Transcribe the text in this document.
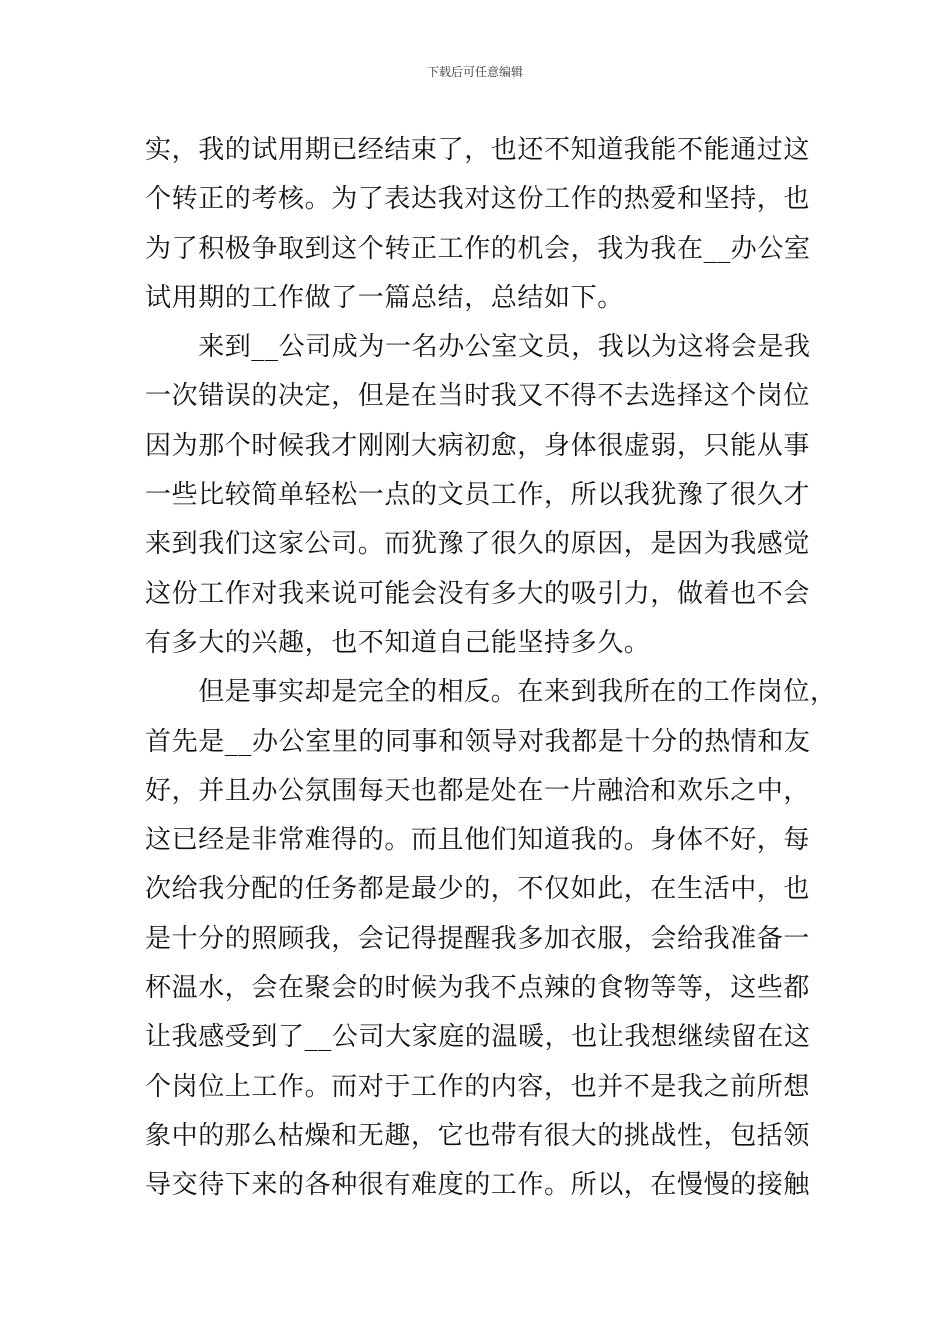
下载后可任意编辑
实，我的试用期已经结束了，也还不知道我能不能通过这
个转正的考核。为了表达我对这份工作的热爱和坚持，也
为了积极争取到这个转正工作的机会，我为我在__办公室
试用期的工作做了一篇总结，总结如下。
　　来到__公司成为一名办公室文员，我以为这将会是我
一次错误的决定，但是在当时我又不得不去选择这个岗位
因为那个时候我才刚刚大病初愈，身体很虚弱，只能从事
一些比较简单轻松一点的文员工作，所以我犹豫了很久才
来到我们这家公司。而犹豫了很久的原因，是因为我感觉
这份工作对我来说可能会没有多大的吸引力，做着也不会
有多大的兴趣，也不知道自己能坚持多久。
　　但是事实却是完全的相反。在来到我所在的工作岗位，
首先是__办公室里的同事和领导对我都是十分的热情和友
好，并且办公氛围每天也都是处在一片融洽和欢乐之中，
这已经是非常难得的。而且他们知道我的。身体不好，每
次给我分配的任务都是最少的，不仅如此，在生活中，也
是十分的照顾我，会记得提醒我多加衣服，会给我准备一
杯温水，会在聚会的时候为我不点辣的食物等等，这些都
让我感受到了__公司大家庭的温暖，也让我想继续留在这
个岗位上工作。而对于工作的内容，也并不是我之前所想
象中的那么枯燥和无趣，它也带有很大的挑战性，包括领
导交待下来的各种很有难度的工作。所以，在慢慢的接触
